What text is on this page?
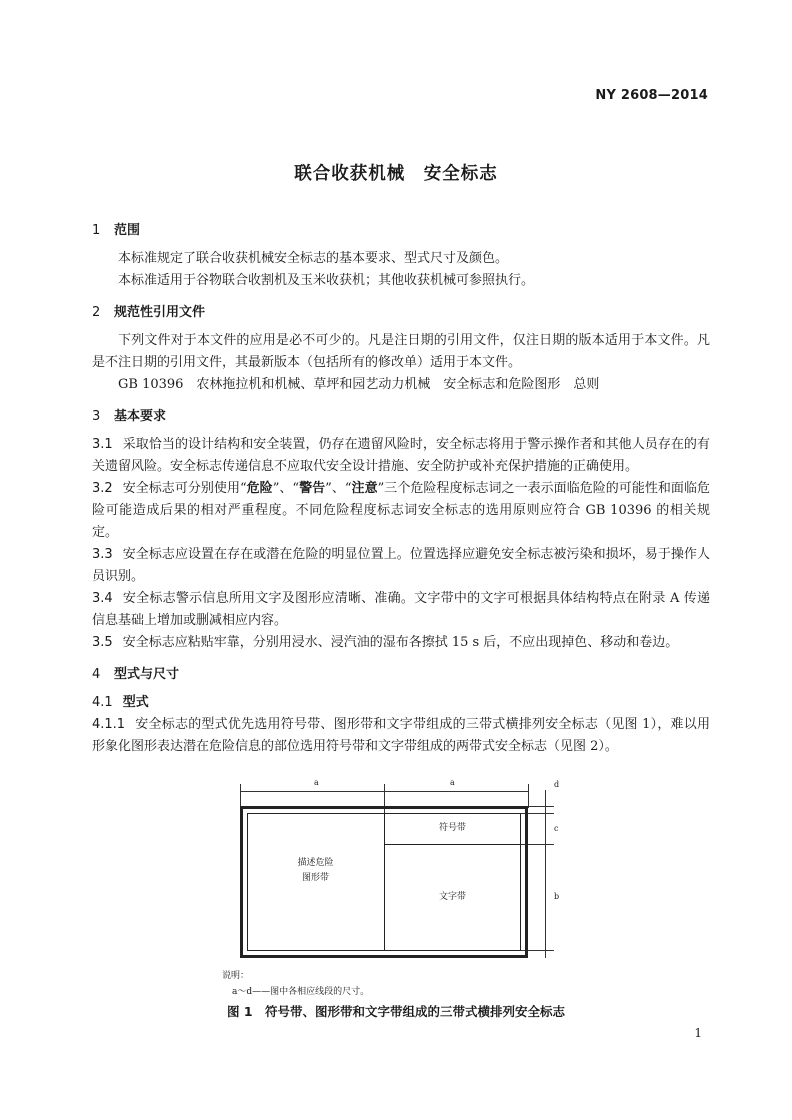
NY 2608—2014
联合收获机械　安全标志
1 范围
本标准规定了联合收获机械安全标志的基本要求、型式尺寸及颜色。
本标准适用于谷物联合收割机及玉米收获机；其他收获机械可参照执行。
2 规范性引用文件
下列文件对于本文件的应用是必不可少的。凡是注日期的引用文件，仅注日期的版本适用于本文件。凡是不注日期的引用文件，其最新版本（包括所有的修改单）适用于本文件。
GB 10396　农林拖拉机和机械、草坪和园艺动力机械　安全标志和危险图形　总则
3 基本要求
3.1 采取恰当的设计结构和安全装置，仍存在遗留风险时，安全标志将用于警示操作者和其他人员存在的有关遗留风险。安全标志传递信息不应取代安全设计措施、安全防护或补充保护措施的正确使用。
3.2 安全标志可分别使用“危险”、“警告”、“注意”三个危险程度标志词之一表示面临危险的可能性和面临危险可能造成后果的相对严重程度。不同危险程度标志词安全标志的选用原则应符合 GB 10396 的相关规定。
3.3 安全标志应设置在存在或潜在危险的明显位置上。位置选择应避免安全标志被污染和损坏，易于操作人员识别。
3.4 安全标志警示信息所用文字及图形应清晰、准确。文字带中的文字可根据具体结构特点在附录 A 传递信息基础上增加或删减相应内容。
3.5 安全标志应粘贴牢靠，分别用浸水、浸汽油的湿布各擦拭 15 s 后，不应出现掉色、移动和卷边。
4 型式与尺寸
4.1 型式
4.1.1 安全标志的型式优先选用符号带、图形带和文字带组成的三带式横排列安全标志（见图 1），难以用形象化图形表达潜在危险信息的部位选用符号带和文字带组成的两带式安全标志（见图 2）。
a	a	d
c
b
描述危险
图形带
符号带
文字带
说明：
a～d——图中各相应线段的尺寸。
图 1　符号带、图形带和文字带组成的三带式横排列安全标志
1
